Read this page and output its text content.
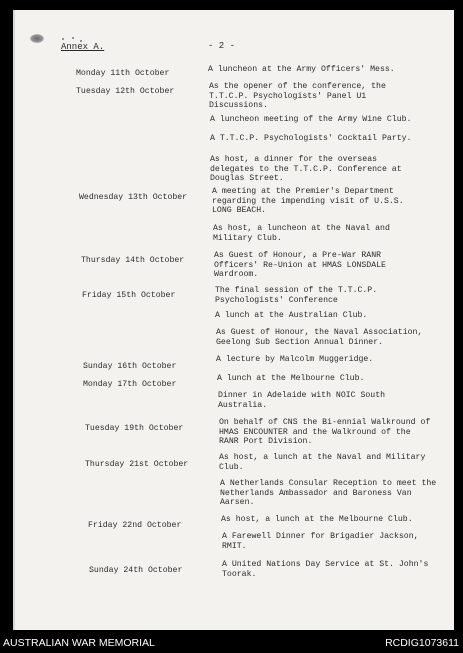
Annex A.	- 2 -
Monday 11th October
Tuesday 12th October
Wednesday 13th October
Thursday 14th October
Friday 15th October
Sunday 16th October
Monday 17th October
Tuesday 19th October
Thursday 21st October
Friday 22nd October
Sunday 24th October
A luncheon at the Army Officers' Mess.
As the opener of the conference, the T.T.C.P. Psychologists' Panel U1 Discussions.
A luncheon meeting of the Army Wine Club.
A T.T.C.P. Psychologists' Cocktail Party.
As host, a dinner for the overseas delegates to the T.T.C.P. Conference at Douglas Street.
A meeting at the Premier's Department regarding the impending visit of U.S.S. LONG BEACH.
As host, a luncheon at the Naval and Military Club.
As Guest of Honour, a Pre-War RANR Officers' Re-Union at HMAS LONSDALE Wardroom.
The final session of the T.T.C.P. Psychologists' Conference
A lunch at the Australian Club.
As Guest of Honour, the Naval Association, Geelong Sub Section Annual Dinner.
A lecture by Malcolm Muggeridge.
A lunch at the Melbourne Club.
Dinner in Adelaide with NOIC South Australia.
On behalf of CNS the Bi-ennial Walkround of HMAS ENCOUNTER and the Walkround of the RANR Port Division.
As host, a lunch at the Naval and Military Club.
A Netherlands Consular Reception to meet the Netherlands Ambassador and Baroness Van Aarsen.
As host, a lunch at the Melbourne Club.
A Farewell Dinner for Brigadier Jackson, RMIT.
A United Nations Day Service at St. John's Toorak.
AUSTRALIAN WAR MEMORIAL	RCDIG1073611
